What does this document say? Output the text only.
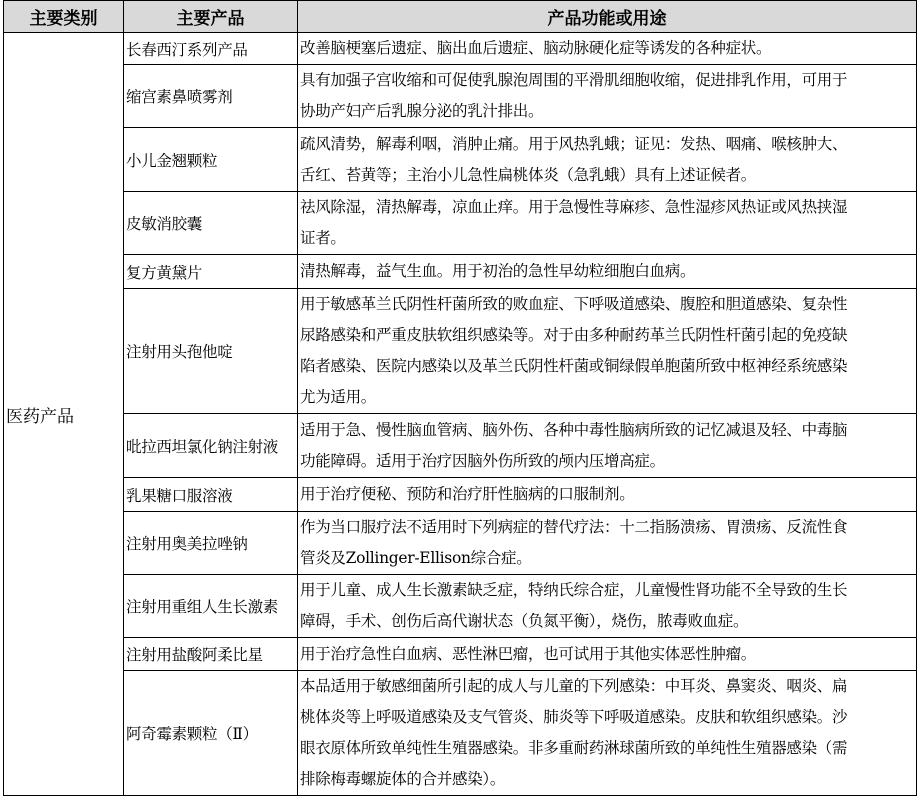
主要类别	主要产品	产品功能或用途
医药产品	长春西汀系列产品	改善脑梗塞后遗症、脑出血后遗症、脑动脉硬化症等诱发的各种症状。

	缩宫素鼻喷雾剂	具有加强子宫收缩和可促使乳腺泡周围的平滑肌细胞收缩，促进排乳作用，可用于
协助产妇产后乳腺分泌的乳汁排出。

	小儿金翘颗粒	疏风清势，解毒利咽，消肿止痛。用于风热乳蛾；证见：发热、咽痛、喉核肿大、
舌红、苔黄等；主治小儿急性扁桃体炎（急乳蛾）具有上述证候者。

	皮敏消胶囊	祛风除湿，清热解毒，凉血止痒。用于急慢性荨麻疹、急性湿疹风热证或风热挟湿
证者。

	复方黄黛片	清热解毒，益气生血。用于初治的急性早幼粒细胞白血病。

	注射用头孢他啶	用于敏感革兰氏阴性杆菌所致的败血症、下呼吸道感染、腹腔和胆道感染、复杂性
尿路感染和严重皮肤软组织感染等。对于由多种耐药革兰氏阴性杆菌引起的免疫缺
陷者感染、医院内感染以及革兰氏阴性杆菌或铜绿假单胞菌所致中枢神经系统感染
尤为适用。

	吡拉西坦氯化钠注射液	适用于急、慢性脑血管病、脑外伤、各种中毒性脑病所致的记忆减退及轻、中毒脑
功能障碍。适用于治疗因脑外伤所致的颅内压增高症。

	乳果糖口服溶液	用于治疗便秘、预防和治疗肝性脑病的口服制剂。

	注射用奥美拉唑钠	作为当口服疗法不适用时下列病症的替代疗法：十二指肠溃疡、胃溃疡、反流性食
管炎及Zollinger-Ellison综合症。

	注射用重组人生长激素	用于儿童、成人生长激素缺乏症，特纳氏综合症，儿童慢性肾功能不全导致的生长
障碍，手术、创伤后高代谢状态（负氮平衡），烧伤，脓毒败血症。

	注射用盐酸阿柔比星	用于治疗急性白血病、恶性淋巴瘤，也可试用于其他实体恶性肿瘤。

	阿奇霉素颗粒（Ⅱ）	本品适用于敏感细菌所引起的成人与儿童的下列感染：中耳炎、鼻窦炎、咽炎、扁
桃体炎等上呼吸道感染及支气管炎、肺炎等下呼吸道感染。皮肤和软组织感染。沙
眼衣原体所致单纯性生殖器感染。非多重耐药淋球菌所致的单纯性生殖器感染（需
排除梅毒螺旋体的合并感染）。
